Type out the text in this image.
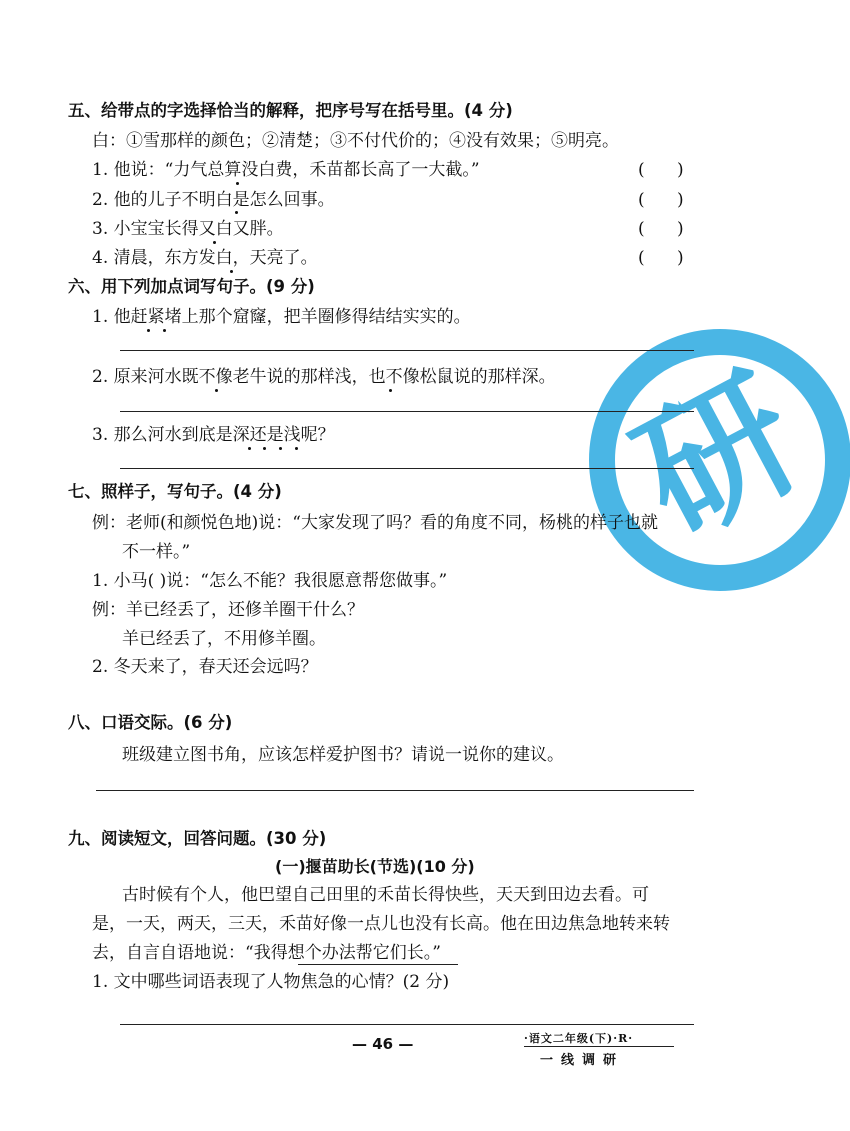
研
五、给带点的字选择恰当的解释，把序号写在括号里。(4 分)
白：①雪那样的颜色；②清楚；③不付代价的；④没有效果；⑤明亮。
1. 他说：“力气总算没白费，禾苗都长高了一大截。”	(      )
2. 他的儿子不明白是怎么回事。	(      )
3. 小宝宝长得又白又胖。	(      )
4. 清晨，东方发白，天亮了。	(      )
六、用下列加点词写句子。(9 分)
1. 他赶紧堵上那个窟窿，把羊圈修得结结实实的。
2. 原来河水既不像老牛说的那样浅，也不像松鼠说的那样深。
3. 那么河水到底是深还是浅呢？
七、照样子，写句子。(4 分)
例：老师(和颜悦色地)说：“大家发现了吗？看的角度不同，杨桃的样子也就
不一样。”
1. 小马( )说：“怎么不能？我很愿意帮您做事。”
例：羊已经丢了，还修羊圈干什么？
羊已经丢了，不用修羊圈。
2. 冬天来了，春天还会远吗？
八、口语交际。(6 分)
班级建立图书角，应该怎样爱护图书？请说一说你的建议。
九、阅读短文，回答问题。(30 分)
(一)揠苗助长(节选)(10 分)
古时候有个人，他巴望自己田里的禾苗长得快些，天天到田边去看。可
是，一天，两天，三天，禾苗好像一点儿也没有长高。他在田边焦急地转来转
去，自言自语地说：“我得想个办法帮它们长。”
1. 文中哪些词语表现了人物焦急的心情？(2 分)
— 46 —	·语文二年级(下)·R·
一线调研
